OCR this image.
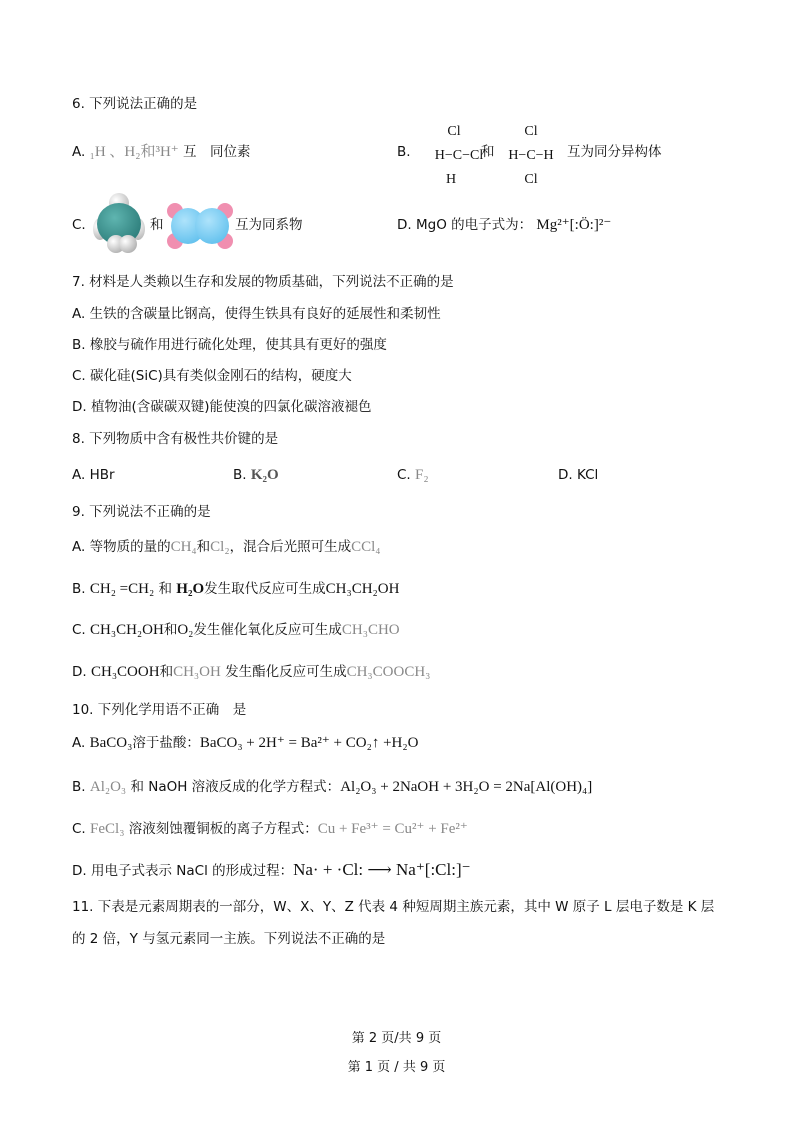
6. 下列说法正确的是
A. ₁H 、H₂和³H⁺ 互　同位素	B.
Cl
H−C−Cl
H
和
Cl
H−C−H
Cl
互为同分异构体
C.	和	互为同系物	D. MgO 的电子式为： Mg²⁺[:Ö:]²⁻
7. 材料是人类赖以生存和发展的物质基础，下列说法不正确的是
A. 生铁的含碳量比钢高，使得生铁具有良好的延展性和柔韧性
B. 橡胶与硫作用进行硫化处理，使其具有更好的强度
C. 碳化硅(SiC)具有类似金刚石的结构，硬度大
D. 植物油(含碳碳双键)能使溴的四氯化碳溶液褪色
8. 下列物质中含有极性共价键的是
A. HBr	B. K₂O	C. F₂	D. KCl
9. 下列说法不正确的是
A. 等物质的量的CH₄和Cl₂，混合后光照可生成CCl₄
B. CH₂ =CH₂ 和 H₂O发生取代反应可生成CH₃CH₂OH
C. CH₃CH₂OH和O₂发生催化氧化反应可生成CH₃CHO
D. CH₃COOH和CH₃OH 发生酯化反应可生成CH₃COOCH₃
10. 下列化学用语不正确　是
A. BaCO₃溶于盐酸：BaCO₃ + 2H⁺ = Ba²⁺ + CO₂↑ +H₂O
B. Al₂O₃ 和 NaOH 溶液反成的化学方程式：Al₂O₃ + 2NaOH + 3H₂O = 2Na[Al(OH)₄]
C. FeCl₃ 溶液刻蚀覆铜板的离子方程式：Cu + Fe³⁺ = Cu²⁺ + Fe²⁺
D. 用电子式表示 NaCl 的形成过程：Na· + ·Cl: ⟶ Na⁺[:Cl:]⁻
11. 下表是元素周期表的一部分，W、X、Y、Z 代表 4 种短周期主族元素，其中 W 原子 L 层电子数是 K 层
的 2 倍，Y 与氢元素同一主族。下列说法不正确的是
第 2 页/共 9 页
第 1 页 / 共 9 页
